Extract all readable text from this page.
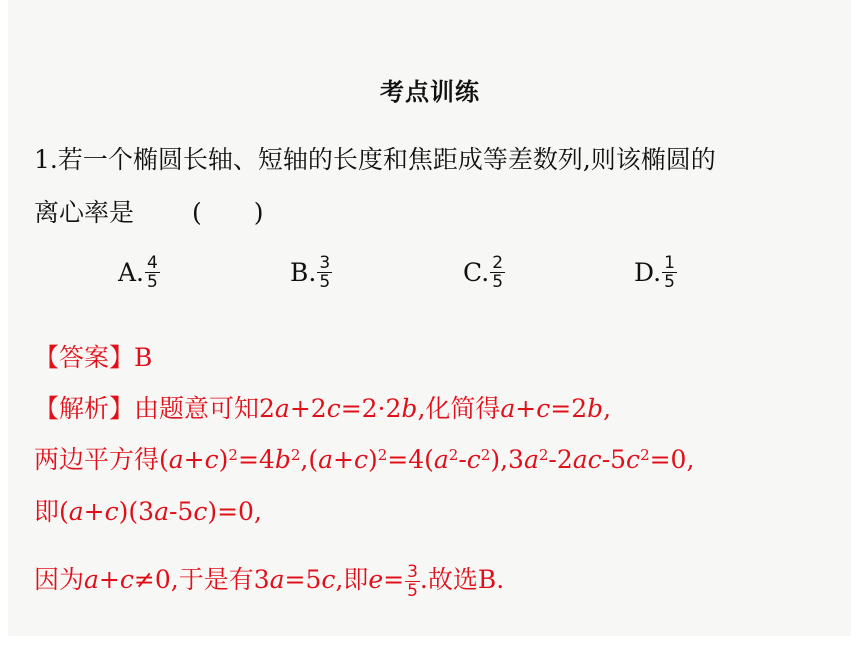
考点训练
1.若一个椭圆长轴、短轴的长度和焦距成等差数列,则该椭圆的
离心率是 ( )
A. $\frac{4}{5}$	B. $\frac{3}{5}$	C. $\frac{2}{5}$	D. $\frac{1}{5}$
【答案】B
【解析】由题意可知2a+2c=2·2b,化简得a+c=2b,
两边平方得$(a+c)^2=4b^2,(a+c)^2=4(a^2-c^2),3a^2-2ac-5c^2=0$,
即(a+c)(3a-5c)=0,
因为a+c≠0,于是有3a=5c,即$e= \frac{3}{5}$ .故选B.
